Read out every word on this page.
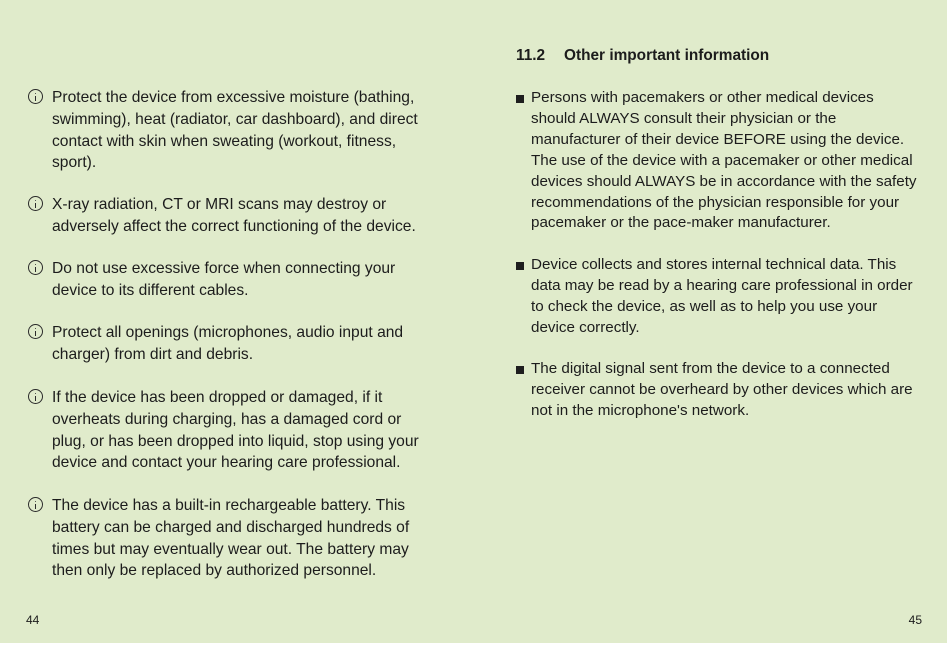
Protect the device from excessive moisture (bathing, swimming), heat (radiator, car dashboard), and direct contact with skin when sweating (workout, fitness, sport).
X-ray radiation, CT or MRI scans may destroy or adversely affect the correct functioning of the device.
Do not use excessive force when connecting your device to its different cables.
Protect all openings (microphones, audio input and charger) from dirt and debris.
If the device has been dropped or damaged, if it overheats during charging, has a damaged cord or plug, or has been dropped into liquid, stop using your device and contact your hearing care professional.
The device has a built-in rechargeable battery. This battery can be charged and discharged hundreds of times but may eventually wear out. The battery may then only be replaced by authorized personnel.
44
11.2 Other important information
Persons with pacemakers or other medical devices should ALWAYS consult their physician or the manufacturer of their device BEFORE using the device. The use of the device with a pacemaker or other medical devices should ALWAYS be in accordance with the safety recommendations of the physician responsible for your pacemaker or the pace-maker manufacturer.
Device collects and stores internal technical data. This data may be read by a hearing care professional in order to check the device, as well as to help you use your device correctly.
The digital signal sent from the device to a connected receiver cannot be overheard by other devices which are not in the microphone's network.
45
